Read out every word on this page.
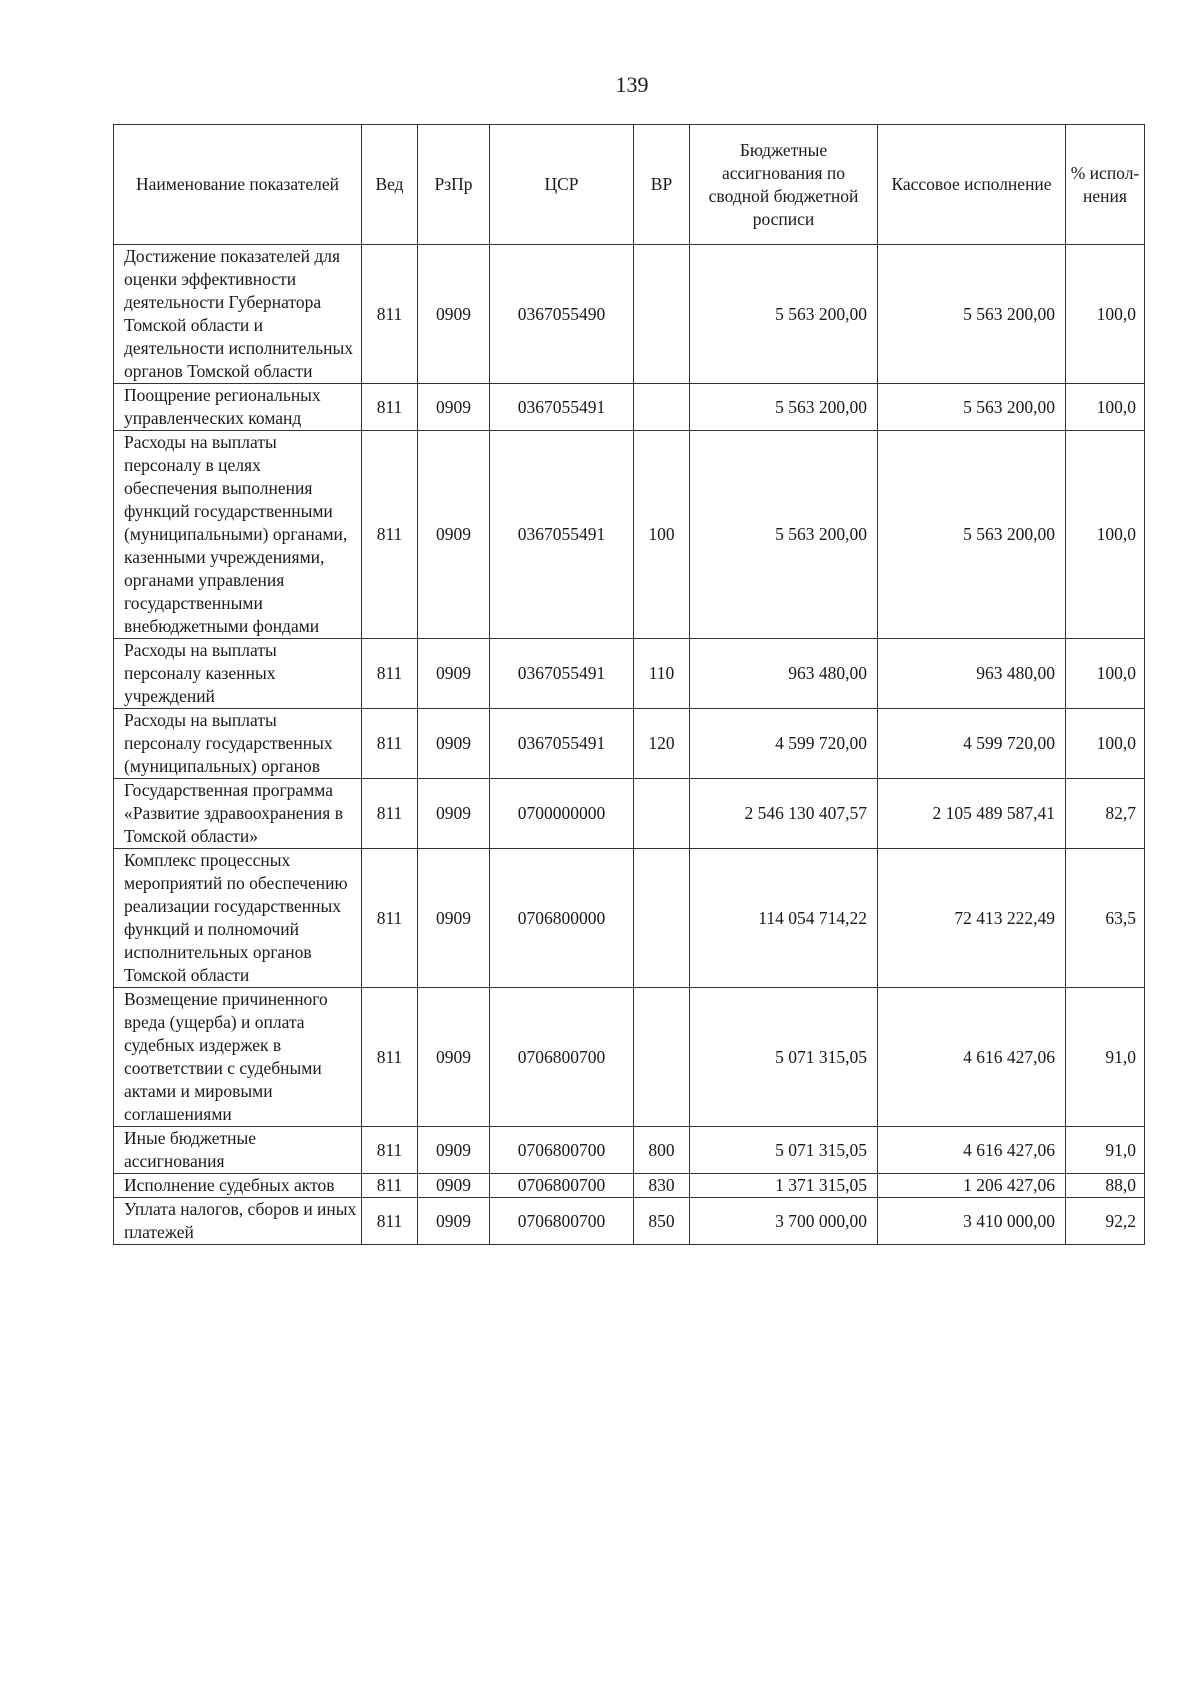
139
Наименование показателей	Вед	РзПр	ЦСР	ВР	Бюджетные ассигнования по сводной бюджетной росписи	Кассовое исполнение	% испол-нения
Достижение показателей для оценки эффективности деятельности Губернатора Томской области и деятельности исполнительных органов Томской области	811	0909	0367055490		5 563 200,00	5 563 200,00	100,0
Поощрение региональных управленческих команд	811	0909	0367055491		5 563 200,00	5 563 200,00	100,0
Расходы на выплаты персоналу в целях обеспечения выполнения функций государственными (муниципальными) органами, казенными учреждениями, органами управления государственными внебюджетными фондами	811	0909	0367055491	100	5 563 200,00	5 563 200,00	100,0
Расходы на выплаты персоналу казенных учреждений	811	0909	0367055491	110	963 480,00	963 480,00	100,0
Расходы на выплаты персоналу государственных (муниципальных) органов	811	0909	0367055491	120	4 599 720,00	4 599 720,00	100,0
Государственная программа «Развитие здравоохранения в Томской области»	811	0909	0700000000		2 546 130 407,57	2 105 489 587,41	82,7
Комплекс процессных мероприятий по обеспечению реализации государственных функций и полномочий исполнительных органов Томской области	811	0909	0706800000		114 054 714,22	72 413 222,49	63,5
Возмещение причиненного вреда (ущерба) и оплата судебных издержек в соответствии с судебными актами и мировыми соглашениями	811	0909	0706800700		5 071 315,05	4 616 427,06	91,0
Иные бюджетные ассигнования	811	0909	0706800700	800	5 071 315,05	4 616 427,06	91,0
Исполнение судебных актов	811	0909	0706800700	830	1 371 315,05	1 206 427,06	88,0
Уплата налогов, сборов и иных платежей	811	0909	0706800700	850	3 700 000,00	3 410 000,00	92,2
